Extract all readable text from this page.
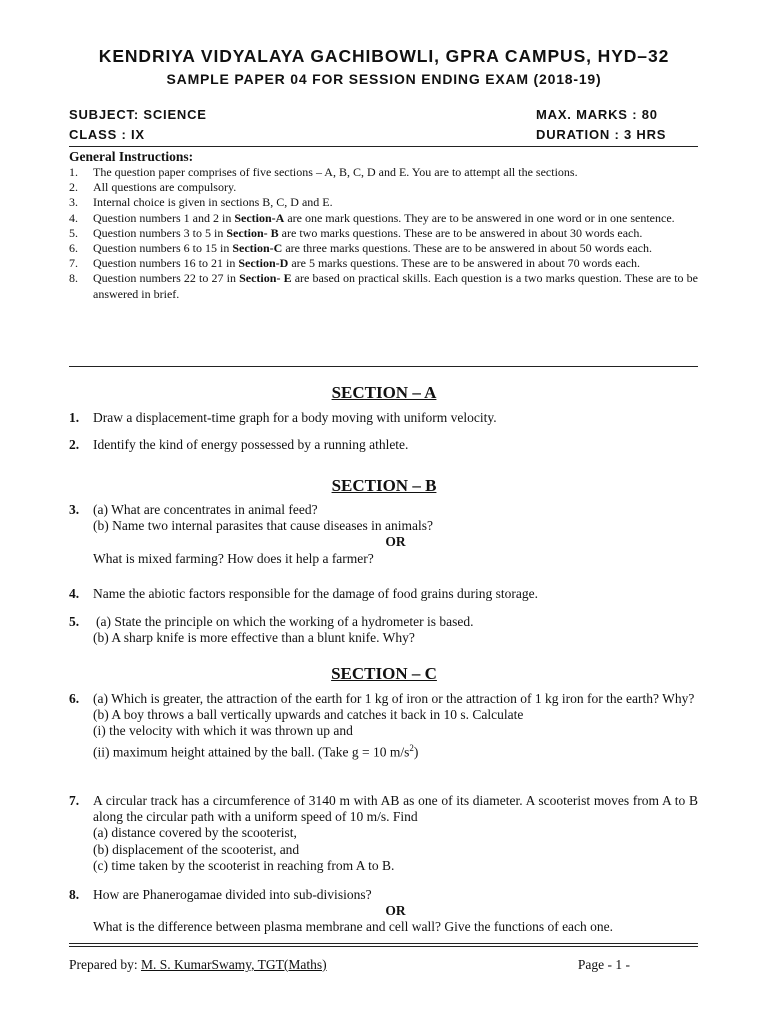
KENDRIYA VIDYALAYA GACHIBOWLI, GPRA CAMPUS, HYD–32
SAMPLE PAPER 04 FOR SESSION ENDING EXAM (2018-19)
SUBJECT: SCIENCE	MAX. MARKS : 80
CLASS : IX	DURATION : 3 HRS
General Instructions:
1.	The question paper comprises of five sections – A, B, C, D and E. You are to attempt all the sections.
2.	All questions are compulsory.
3.	Internal choice is given in sections B, C, D and E.
4.	Question numbers 1 and 2 in Section-A are one mark questions. They are to be answered in one word or in one sentence.
5.	Question numbers 3 to 5 in Section- B are two marks questions. These are to be answered in about 30 words each.
6.	Question numbers 6 to 15 in Section-C are three marks questions. These are to be answered in about 50 words each.
7.	Question numbers 16 to 21 in Section-D are 5 marks questions. These are to be answered in about 70 words each.
8.	Question numbers 22 to 27 in Section- E are based on practical skills. Each question is a two marks question. These are to be answered in brief.
SECTION – A
1.	Draw a displacement-time graph for a body moving with uniform velocity.
2.	Identify the kind of energy possessed by a running athlete.
SECTION – B
3.	(a) What are concentrates in animal feed?
(b) Name two internal parasites that cause diseases in animals?
OR
What is mixed farming? How does it help a farmer?
4.	Name the abiotic factors responsible for the damage of food grains during storage.
5.	(a) State the principle on which the working of a hydrometer is based.
(b) A sharp knife is more effective than a blunt knife. Why?
SECTION – C
6.	(a) Which is greater, the attraction of the earth for 1 kg of iron or the attraction of 1 kg iron for the earth? Why?
(b) A boy throws a ball vertically upwards and catches it back in 10 s. Calculate
(i) the velocity with which it was thrown up and
(ii) maximum height attained by the ball. (Take g = 10 $m/s^2$)
7.	A circular track has a circumference of 3140 m with AB as one of its diameter. A scooterist moves from A to B along the circular path with a uniform speed of 10 m/s. Find
(a) distance covered by the scooterist,
(b) displacement of the scooterist, and
(c) time taken by the scooterist in reaching from A to B.
8.	How are Phanerogamae divided into sub-divisions?
OR
What is the difference between plasma membrane and cell wall? Give the functions of each one.
Prepared by: M. S. KumarSwamy, TGT(Maths)	Page - 1 -
